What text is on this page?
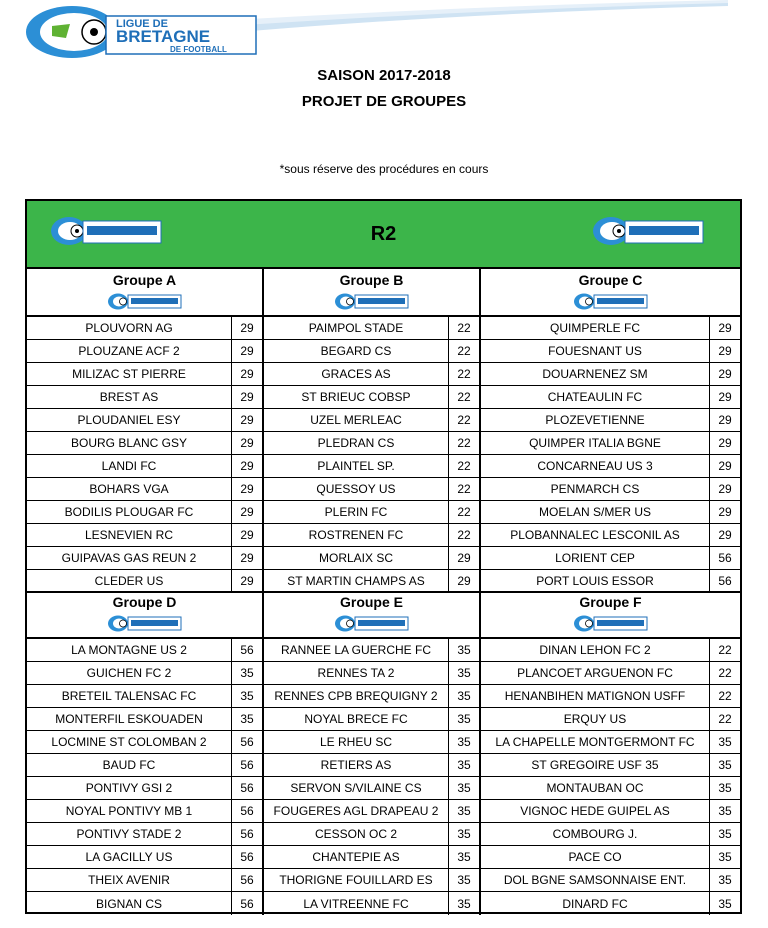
LIGUE DE
BRETAGNE
DE FOOTBALL
SAISON 2017-2018
PROJET DE GROUPES
*sous réserve des procédures en cours
R2
Groupe A
PLOUVORN AG	29
PLOUZANE ACF 2	29
MILIZAC ST PIERRE	29
BREST AS	29
PLOUDANIEL ESY	29
BOURG BLANC GSY	29
LANDI FC	29
BOHARS VGA	29
BODILIS PLOUGAR FC	29
LESNEVIEN RC	29
GUIPAVAS GAS REUN 2	29
CLEDER US	29
Groupe B
PAIMPOL STADE	22
BEGARD CS	22
GRACES AS	22
ST BRIEUC COBSP	22
UZEL MERLEAC	22
PLEDRAN CS	22
PLAINTEL SP.	22
QUESSOY US	22
PLERIN FC	22
ROSTRENEN FC	22
MORLAIX SC	29
ST MARTIN CHAMPS AS	29
Groupe C
QUIMPERLE FC	29
FOUESNANT US	29
DOUARNENEZ SM	29
CHATEAULIN FC	29
PLOZEVETIENNE	29
QUIMPER ITALIA BGNE	29
CONCARNEAU US 3	29
PENMARCH CS	29
MOELAN S/MER US	29
PLOBANNALEC LESCONIL AS	29
LORIENT CEP	56
PORT LOUIS ESSOR	56
Groupe D
LA MONTAGNE US 2	56
GUICHEN FC 2	35
BRETEIL TALENSAC FC	35
MONTERFIL ESKOUADEN	35
LOCMINE ST COLOMBAN 2	56
BAUD FC	56
PONTIVY GSI 2	56
NOYAL PONTIVY MB 1	56
PONTIVY STADE 2	56
LA GACILLY US	56
THEIX AVENIR	56
BIGNAN CS	56
Groupe E
RANNEE LA GUERCHE FC	35
RENNES TA 2	35
RENNES CPB BREQUIGNY 2	35
NOYAL BRECE FC	35
LE RHEU SC	35
RETIERS AS	35
SERVON S/VILAINE CS	35
FOUGERES AGL DRAPEAU 2	35
CESSON OC 2	35
CHANTEPIE AS	35
THORIGNE FOUILLARD ES	35
LA VITREENNE FC	35
Groupe F
DINAN LEHON FC 2	22
PLANCOET ARGUENON FC	22
HENANBIHEN MATIGNON USFF	22
ERQUY US	22
LA CHAPELLE MONTGERMONT FC	35
ST GREGOIRE USF 35	35
MONTAUBAN OC	35
VIGNOC HEDE GUIPEL AS	35
COMBOURG J.	35
PACE CO	35
DOL BGNE SAMSONNAISE ENT.	35
DINARD FC	35
